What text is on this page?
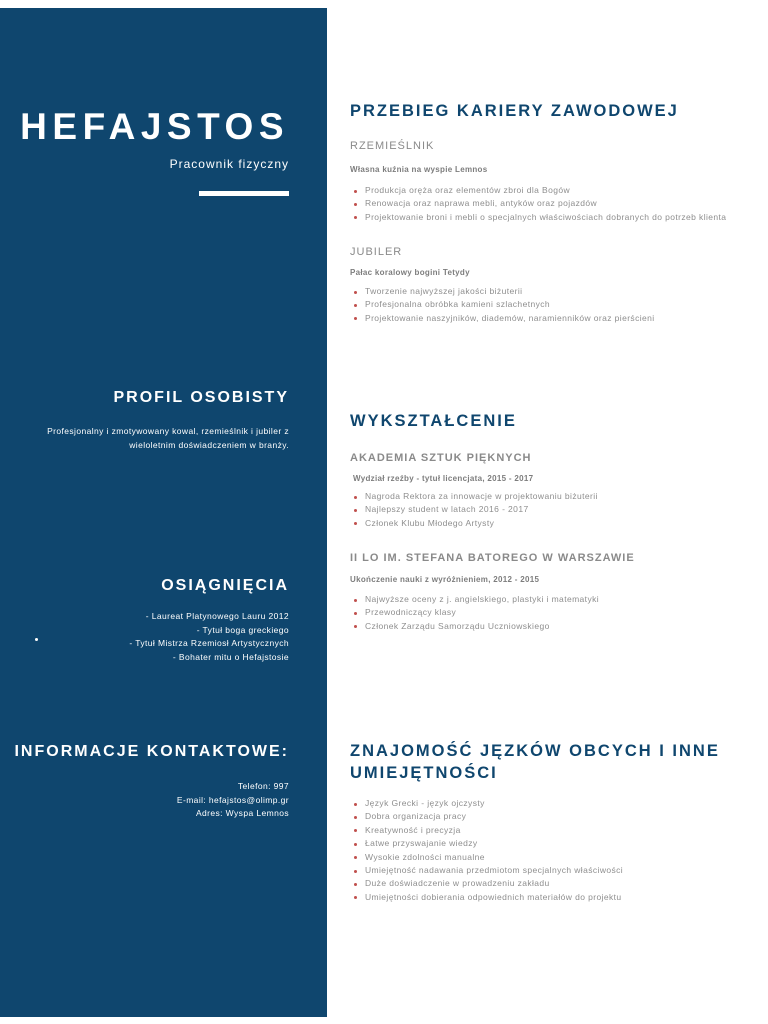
HEFAJSTOS
Pracownik fizyczny
PROFIL OSOBISTY

Profesjonalny i zmotywowany kowal, rzemieślnik i jubiler z wieloletnim doświadczeniem w branży.

OSIĄGNIĘCIA
- Laureat Platynowego Lauru 2012
- Tytuł boga greckiego
- Tytuł Mistrza Rzemiosł Artystycznych
- Bohater mitu o Hefajstosie
INFORMACJE KONTAKTOWE:
Telefon: 997
E-mail: hefajstos@olimp.gr
Adres: Wyspa Lemnos
PRZEBIEG KARIERY ZAWODOWEJ
RZEMIEŚLNIK
Własna kuźnia na wyspie Lemnos
Produkcja oręża oraz elementów zbroi dla Bogów
Renowacja oraz naprawa mebli, antyków oraz pojazdów
Projektowanie broni i mebli o specjalnych właściwościach dobranych do potrzeb klienta
JUBILER
Pałac koralowy bogini Tetydy
Tworzenie najwyższej jakości biżuterii
Profesjonalna obróbka kamieni szlachetnych
Projektowanie naszyjników, diademów, naramienników oraz pierścieni
WYKSZTAŁCENIE
AKADEMIA SZTUK PIĘKNYCH
Wydział rzeźby - tytuł licencjata, 2015 - 2017
Nagroda Rektora za innowacje w projektowaniu biżuterii
Najlepszy student w latach 2016 - 2017
Członek Klubu Młodego Artysty
II LO IM. STEFANA BATOREGO W WARSZAWIE
Ukończenie nauki z wyróżnieniem, 2012 - 2015
Najwyższe oceny z j. angielskiego, plastyki i matematyki
Przewodniczący klasy
Członek Zarządu Samorządu Uczniowskiego
ZNAJOMOŚĆ JĘZKÓW OBCYCH I INNE
UMIEJĘTNOŚCI
Język Grecki - język ojczysty
Dobra organizacja pracy
Kreatywność i precyzja
Łatwe przyswajanie wiedzy
Wysokie zdolności manualne
Umiejętność nadawania przedmiotom specjalnych właściwości
Duże doświadczenie w prowadzeniu zakładu
Umiejętności dobierania odpowiednich materiałów do projektu
